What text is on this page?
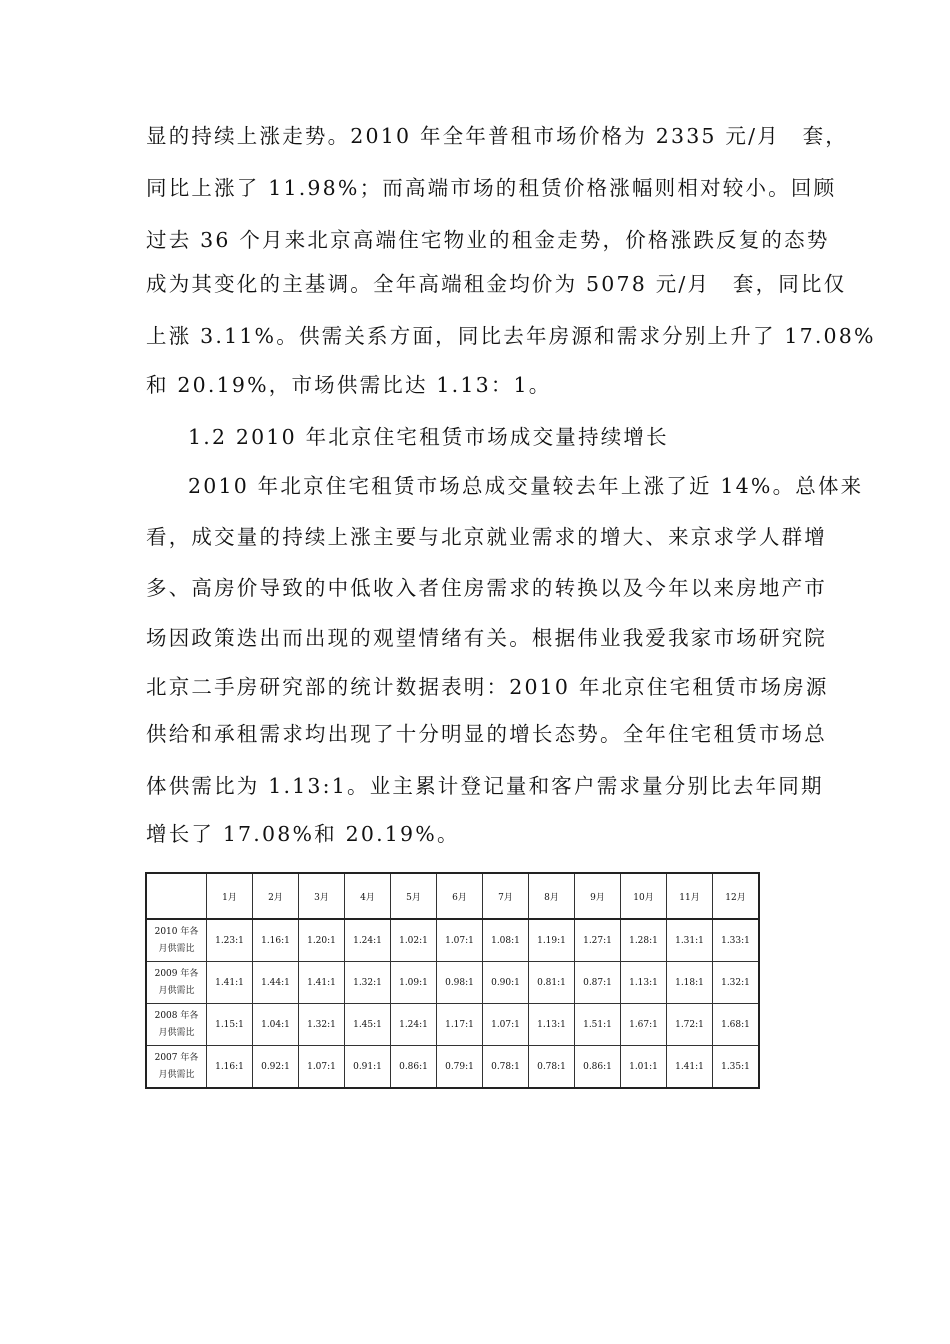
显的持续上涨走势。2010 年全年普租市场价格为 2335 元/月　套，
同比上涨了 11.98%；而高端市场的租赁价格涨幅则相对较小。回顾
过去 36 个月来北京高端住宅物业的租金走势，价格涨跌反复的态势
成为其变化的主基调。全年高端租金均价为 5078 元/月　套，同比仅
上涨 3.11%。供需关系方面，同比去年房源和需求分别上升了 17.08%
和 20.19%，市场供需比达 1.13：1。
1.2 2010 年北京住宅租赁市场成交量持续增长
2010 年北京住宅租赁市场总成交量较去年上涨了近 14%。总体来
看，成交量的持续上涨主要与北京就业需求的增大、来京求学人群增
多、高房价导致的中低收入者住房需求的转换以及今年以来房地产市
场因政策迭出而出现的观望情绪有关。根据伟业我爱我家市场研究院
北京二手房研究部的统计数据表明：2010 年北京住宅租赁市场房源
供给和承租需求均出现了十分明显的增长态势。全年住宅租赁市场总
体供需比为 1.13:1。业主累计登记量和客户需求量分别比去年同期
增长了 17.08%和 20.19%。
	1月	2月	3月	4月	5月	6月	7月	8月	9月	10月	11月	12月

2010 年各
月供需比	1.23:1	1.16:1	1.20:1	1.24:1	1.02:1	1.07:1	1.08:1	1.19:1	1.27:1	1.28:1	1.31:1	1.33:1

2009 年各
月供需比	1.41:1	1.44:1	1.41:1	1.32:1	1.09:1	0.98:1	0.90:1	0.81:1	0.87:1	1.13:1	1.18:1	1.32:1

2008 年各
月供需比	1.15:1	1.04:1	1.32:1	1.45:1	1.24:1	1.17:1	1.07:1	1.13:1	1.51:1	1.67:1	1.72:1	1.68:1

2007 年各
月供需比	1.16:1	0.92:1	1.07:1	0.91:1	0.86:1	0.79:1	0.78:1	0.78:1	0.86:1	1.01:1	1.41:1	1.35:1
